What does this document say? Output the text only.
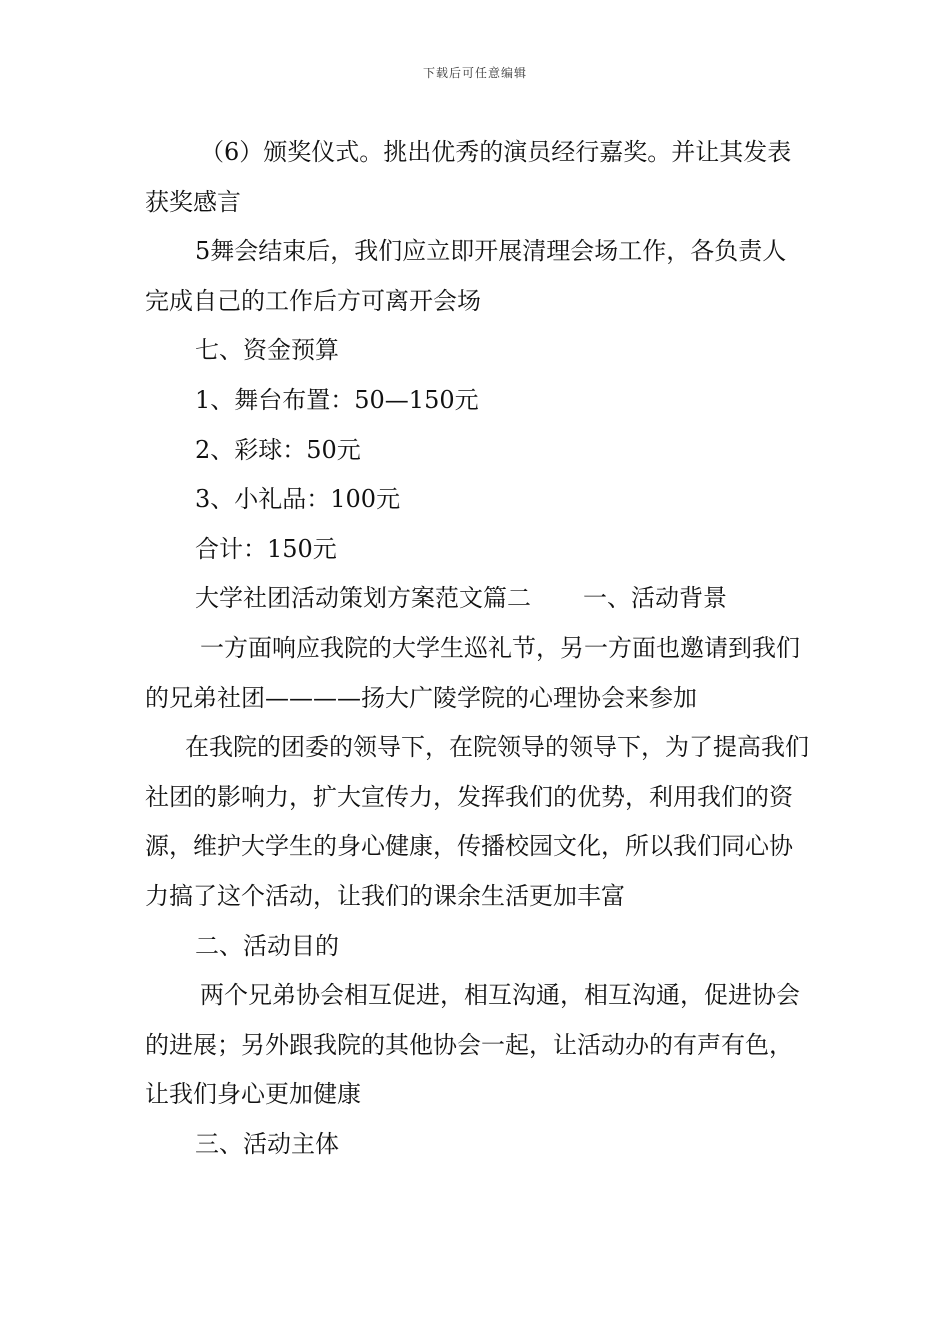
下载后可任意编辑

（6）颁奖仪式。挑出优秀的演员经行嘉奖。并让其发表获奖感言

5舞会结束后，我们应立即开展清理会场工作，各负责人完成自己的工作后方可离开会场

七、资金预算

1、舞台布置：50—150元

2、彩球：50元

3、小礼品：100元

合计：150元

大学社团活动策划方案范文篇二 一、活动背景

一方面响应我院的大学生巡礼节，另一方面也邀请到我们的兄弟社团————扬大广陵学院的心理协会来参加

在我院的团委的领导下，在院领导的领导下，为了提高我们社团的影响力，扩大宣传力，发挥我们的优势，利用我们的资源，维护大学生的身心健康，传播校园文化，所以我们同心协力搞了这个活动，让我们的课余生活更加丰富

二、活动目的

两个兄弟协会相互促进，相互沟通，相互沟通，促进协会的进展；另外跟我院的其他协会一起，让活动办的有声有色，让我们身心更加健康

三、活动主体
